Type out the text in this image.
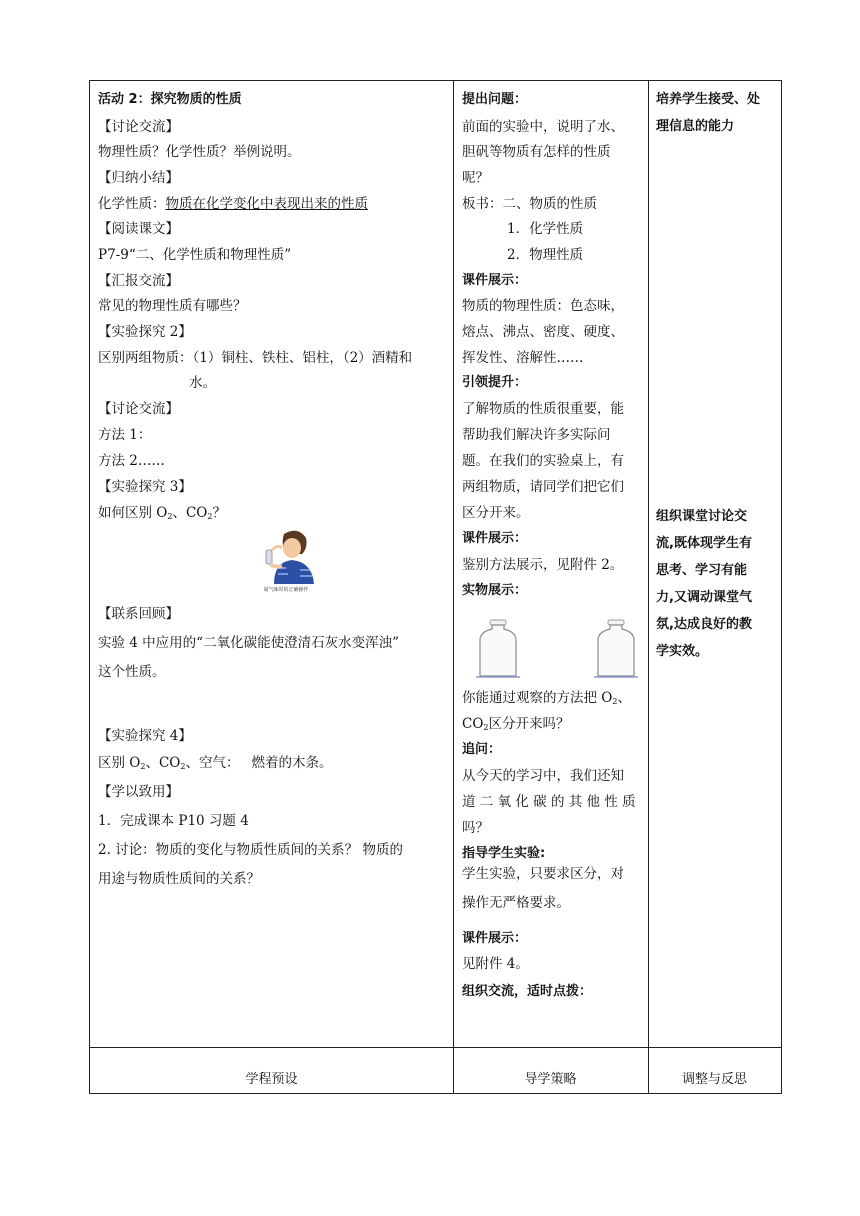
活动 2：探究物质的性质
【讨论交流】
物理性质？化学性质？举例说明。
【归纳小结】
化学性质：物质在化学变化中表现出来的性质
【阅读课文】
P7-9“二、化学性质和物理性质”
【汇报交流】
常见的物理性质有哪些？
【实验探究 2】
区别两组物质：（1）铜柱、铁柱、铝柱，（2）酒精和
水。
【讨论交流】
方法 1：
方法 2……
【实验探究 3】
如何区别 $O_2$、$CO_2$？
闻气味时的正确操作
【联系回顾】
实验 4 中应用的“二氧化碳能使澄清石灰水变浑浊”
这个性质。
【实验探究 4】
区别 $O_2$、$CO_2$、空气： 燃着的木条。
【学以致用】
1．完成课本 P10 习题 4
2. 讨论：物质的变化与物质性质间的关系？ 物质的
用途与物质性质间的关系？
提出问题：
前面的实验中，说明了水、
胆矾等物质有怎样的性质
呢？
板书：二、物质的性质
1．化学性质
2．物理性质
课件展示：
物质的物理性质：色态味，
熔点、沸点、密度、硬度、
挥发性、溶解性……
引领提升：
了解物质的性质很重要，能
帮助我们解决许多实际问
题。在我们的实验桌上，有
两组物质，请同学们把它们
区分开来。
课件展示：
鉴别方法展示，见附件 2。
实物展示：
你能通过观察的方法把 $O_2$、
$CO_2$区分开来吗？
追问：
从今天的学习中，我们还知
道 二 氧 化 碳 的 其 他 性 质
吗？
指导学生实验:
学生实验，只要求区分，对
操作无严格要求。
课件展示：
见附件 4。
组织交流，适时点拨：
培养学生接受、处
理信息的能力
组织课堂讨论交
流,既体现学生有
思考、学习有能
力,又调动课堂气
氛,达成良好的教
学实效。
学程预设	导学策略	调整与反思
